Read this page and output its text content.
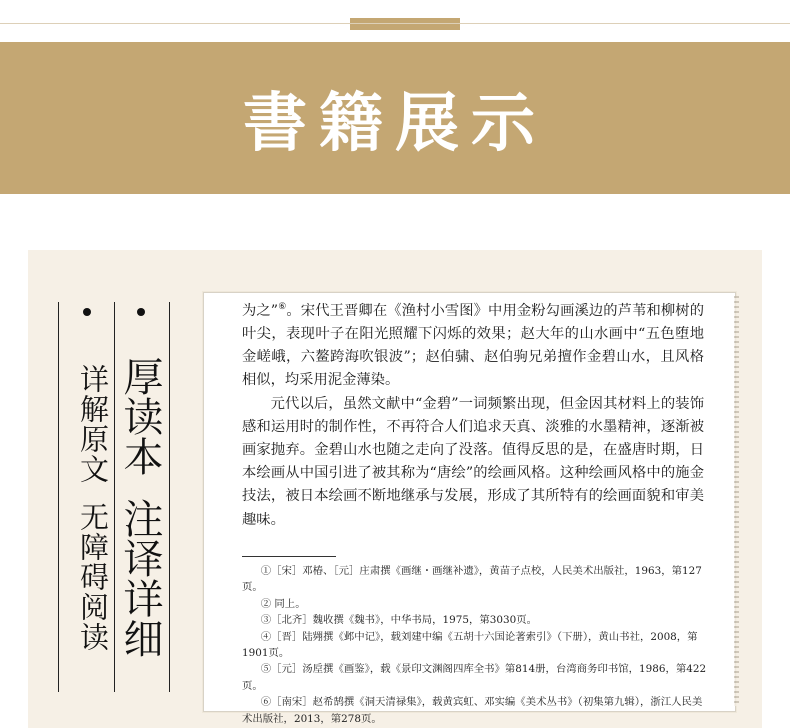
書籍展示
详解原文
无障碍阅读
厚读本
注译详细

为之”⑥。宋代王晋卿在《渔村小雪图》中用金粉勾画溪边的芦苇和柳树的叶尖，表现叶子在阳光照耀下闪烁的效果；赵大年的山水画中“五色堕地金嵯峨，六鳌跨海吹银波”；赵伯骕、赵伯驹兄弟擅作金碧山水，且风格相似，均采用泥金薄染。

元代以后，虽然文献中“金碧”一词频繁出现，但金因其材料上的装饰感和运用时的制作性，不再符合人们追求天真、淡雅的水墨精神，逐渐被画家抛弃。金碧山水也随之走向了没落。值得反思的是，在盛唐时期，日本绘画从中国引进了被其称为“唐绘”的绘画风格。这种绘画风格中的施金技法，被日本绘画不断地继承与发展，形成了其所特有的绘画面貌和审美趣味。

①［宋］邓椿、［元］庄肃撰《画继・画继补遗》，黄苗子点校，人民美术出版社，1963，第127页。

② 同上。

③［北齐］魏收撰《魏书》，中华书局，1975，第3030页。

④［晋］陆翙撰《邺中记》，载刘建中编《五胡十六国论著索引》（下册），黄山书社，2008，第1901页。

⑤［元］汤垕撰《画鉴》，载《景印文渊阁四库全书》第814册，台湾商务印书馆，1986，第422页。

⑥［南宋］赵希鹄撰《洞天清禄集》，载黄宾虹、邓实编《美术丛书》（初集第九辑），浙江人民美术出版社，2013，第278页。
